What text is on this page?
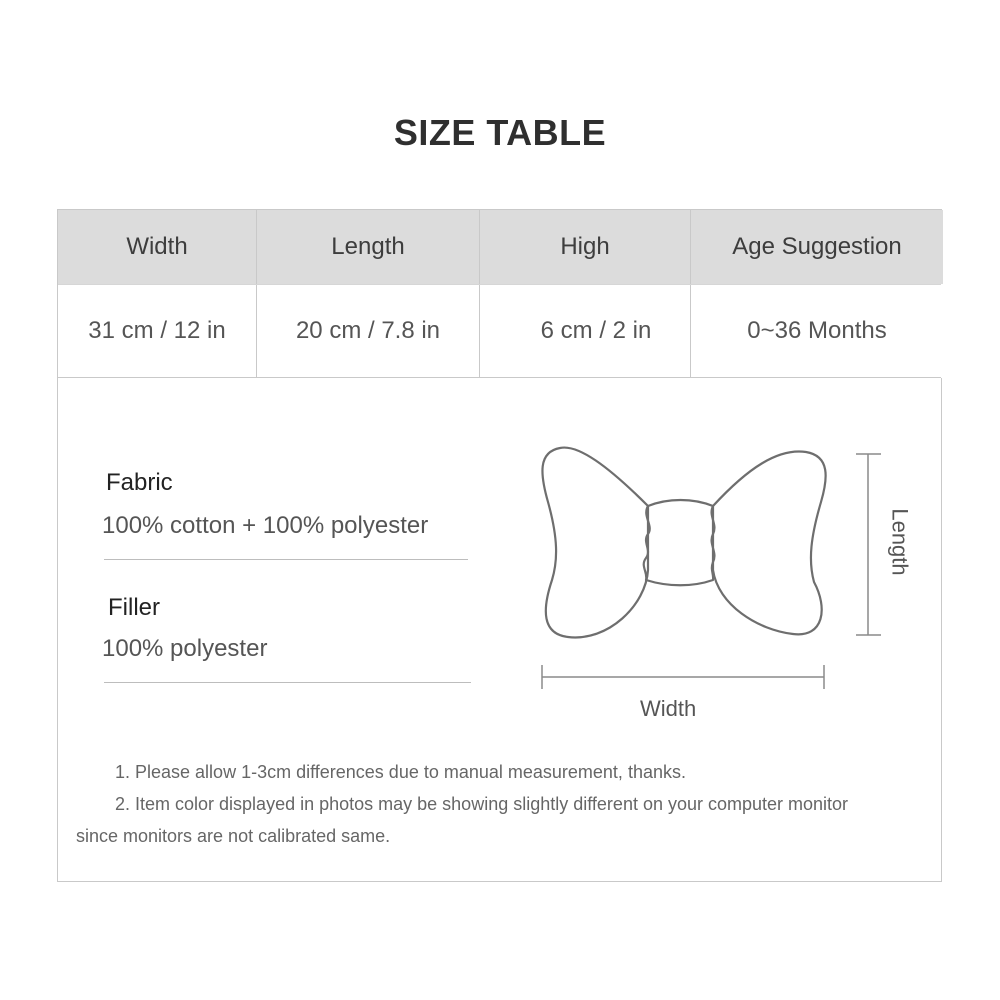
SIZE TABLE
Width	Length	High	Age Suggestion
31 cm / 12 in	20 cm / 7.8 in	6 cm / 2 in	0~36 Months
Fabric
100% cotton + 100% polyester
Filler
100% polyester
Width
Length
1. Please allow 1-3cm differences due to manual measurement, thanks.
2. Item color displayed in photos may be showing slightly different on your computer monitor
since monitors are not calibrated same.
